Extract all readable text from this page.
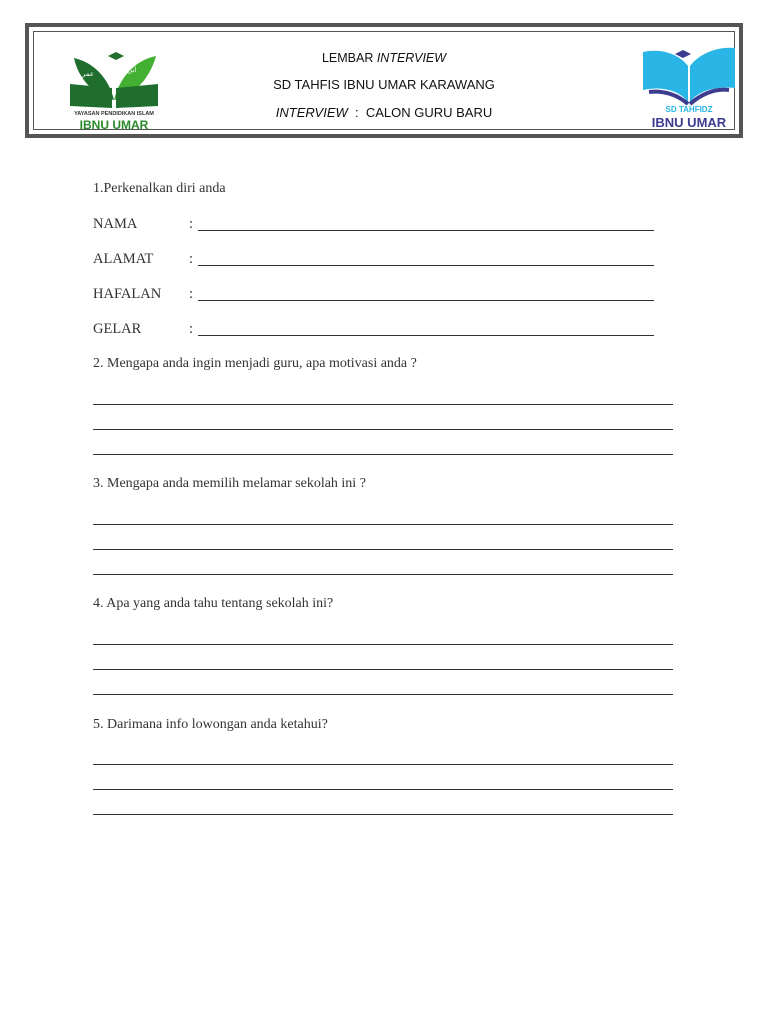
عمر	ابن
YAYASAN PENDIDIKAN ISLAM
IBNU UMAR
LEMBAR INTERVIEW
SD TAHFIS IBNU UMAR KARAWANG
INTERVIEW  :  CALON GURU BARU	SD TAHFIDZ
IBNU UMAR
1.Perkenalkan diri anda
NAMA	:
ALAMAT :
HAFALAN :
GELAR	:
2. Mengapa anda ingin menjadi guru, apa motivasi anda ?
3. Mengapa anda memilih melamar sekolah ini ?
4. Apa yang anda tahu tentang sekolah ini?
5. Darimana info lowongan anda ketahui?
